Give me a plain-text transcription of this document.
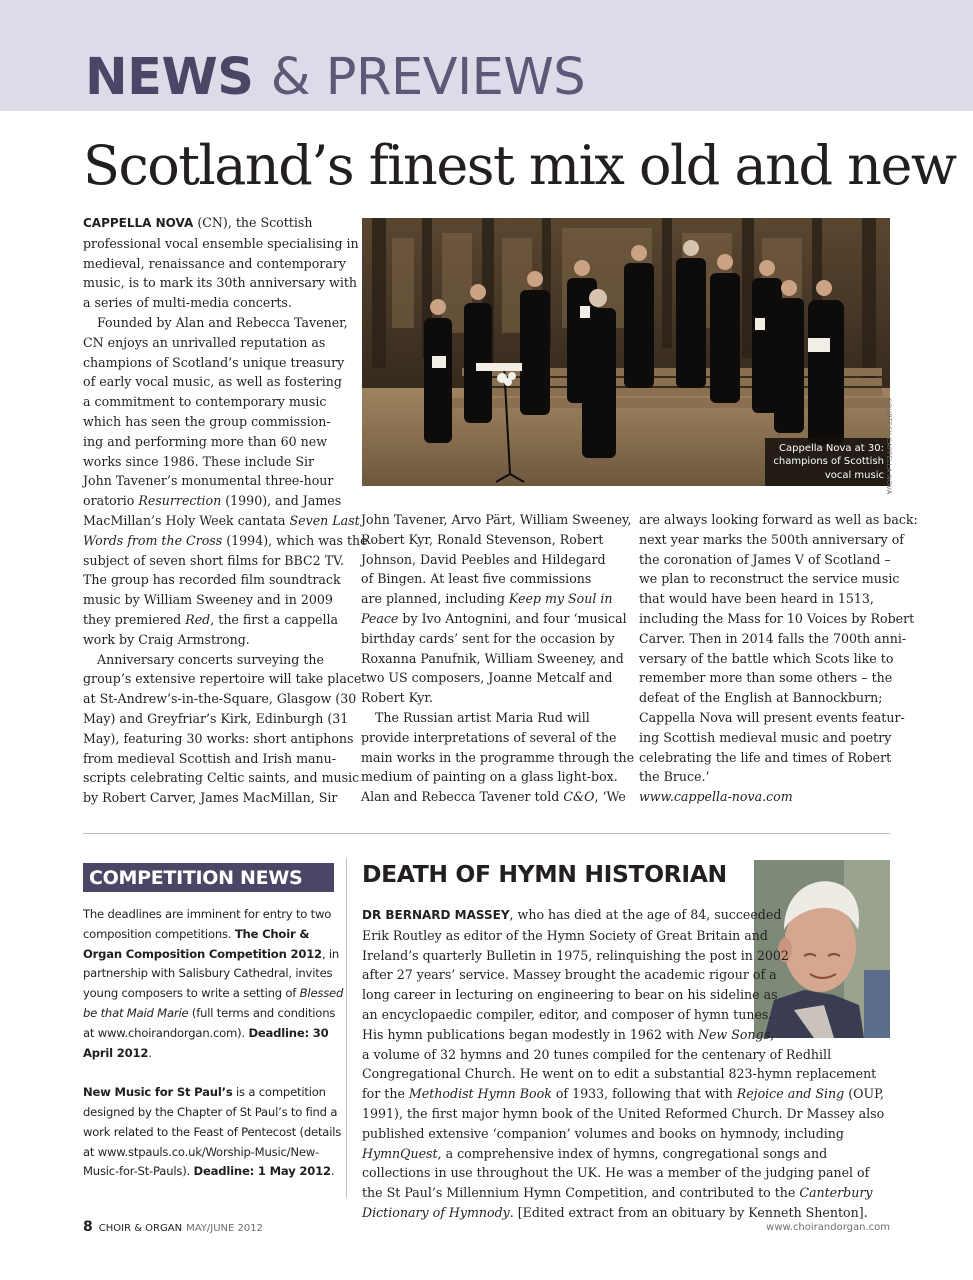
NEWS & PREVIEWS
Scotland’s finest mix old and new

CAPPELLA NOVA (CN), the Scottish
professional vocal ensemble specialising in
medieval, renaissance and contemporary
music, is to mark its 30th anniversary with
a series of multi-media concerts.

Founded by Alan and Rebecca Tavener,
CN enjoys an unrivalled reputation as
champions of Scotland’s unique treasury
of early vocal music, as well as fostering
a commitment to contemporary music
which has seen the group commission-
ing and performing more than 60 new
works since 1986. These include Sir
John Tavener’s monumental three-hour
oratorio Resurrection (1990), and James
MacMillan’s Holy Week cantata Seven Last
Words from the Cross (1994), which was the
subject of seven short films for BBC2 TV.
The group has recorded film soundtrack
music by William Sweeney and in 2009
they premiered Red, the first a cappella
work by Craig Armstrong.

Anniversary concerts surveying the
group’s extensive repertoire will take place
at St-Andrew’s-in-the-Square, Glasgow (30
May) and Greyfriar’s Kirk, Edinburgh (31
May), featuring 30 works: short antiphons
from medieval Scottish and Irish manu-
scripts celebrating Celtic saints, and music
by Robert Carver, James MacMillan, Sir

Cappella Nova at 30:
champions of Scottish
vocal music COURTESY CAPPELLA NOVA

John Tavener, Arvo Pärt, William Sweeney,
Robert Kyr, Ronald Stevenson, Robert
Johnson, David Peebles and Hildegard
of Bingen. At least five commissions
are planned, including Keep my Soul in
Peace by Ivo Antognini, and four ‘musical
birthday cards’ sent for the occasion by
Roxanna Panufnik, William Sweeney, and
two US composers, Joanne Metcalf and
Robert Kyr.

The Russian artist Maria Rud will
provide interpretations of several of the
main works in the programme through the
medium of painting on a glass light-box.
Alan and Rebecca Tavener told C&O, ‘We

are always looking forward as well as back:
next year marks the 500th anniversary of
the coronation of James V of Scotland –
we plan to reconstruct the service music
that would have been heard in 1513,
including the Mass for 10 Voices by Robert
Carver. Then in 2014 falls the 700th anni-
versary of the battle which Scots like to
remember more than some others – the
defeat of the English at Bannockburn;
Cappella Nova will present events featur-
ing Scottish medieval music and poetry
celebrating the life and times of Robert
the Bruce.’
www.cappella-nova.com

COMPETITION NEWS

The deadlines are imminent for entry to two composition competitions. The Choir & Organ Composition Competition 2012, in partnership with Salisbury Cathedral, invites young composers to write a setting of Blessed be that Maid Marie (full terms and conditions at www.choirandorgan.com). Deadline: 30 April 2012.

New Music for St Paul’s is a competition designed by the Chapter of St Paul’s to find a work related to the Feast of Pentecost (details at www.stpauls.co.uk/Worship-Music/New-Music-for-St-Pauls). Deadline: 1 May 2012.

DEATH OF HYMN HISTORIAN

DR BERNARD MASSEY, who has died at the age of 84, succeeded
Erik Routley as editor of the Hymn Society of Great Britain and
Ireland’s quarterly Bulletin in 1975, relinquishing the post in 2002
after 27 years’ service. Massey brought the academic rigour of a
long career in lecturing on engineering to bear on his sideline as
an encyclopaedic compiler, editor, and composer of hymn tunes.
His hymn publications began modestly in 1962 with New Songs,

a volume of 32 hymns and 20 tunes compiled for the centenary of Redhill Congregational Church. He went on to edit a substantial 823-hymn replacement for the Methodist Hymn Book of 1933, following that with Rejoice and Sing (OUP, 1991), the first major hymn book of the United Reformed Church. Dr Massey also published extensive ‘companion’ volumes and books on hymnody, including HymnQuest, a comprehensive index of hymns, congregational songs and collections in use throughout the UK. He was a member of the judging panel of the St Paul’s Millennium Hymn Competition, and contributed to the Canterbury Dictionary of Hymnody. [Edited extract from an obituary by Kenneth Shenton].

8 CHOIR & ORGAN MAY/JUNE 2012	www.choirandorgan.com
